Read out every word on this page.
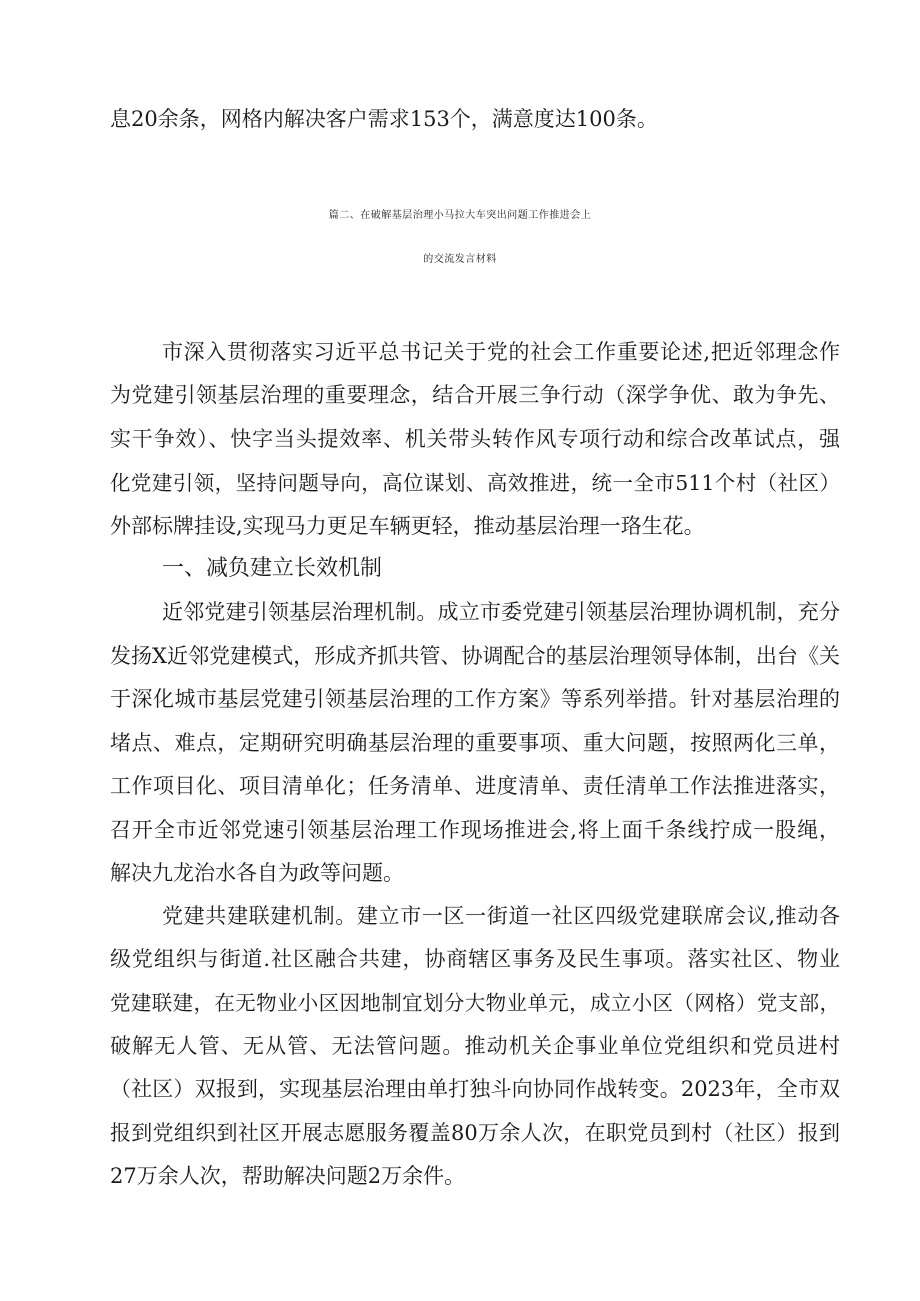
息20余条，网格内解决客户需求153个，满意度达100条。
篇二、在破解基层治理小马拉大车突出问题工作推进会上
的交流发言材料
市深入贯彻落实习近平总书记关于党的社会工作重要论述,把近邻理念作
为党建引领基层治理的重要理念，结合开展三争行动（深学争优、敢为争先、
实干争效）、快字当头提效率、机关带头转作风专项行动和综合改革试点，强
化党建引领，坚持问题导向，高位谋划、高效推进，统一全市511个村（社区）
外部标牌挂设,实现马力更足车辆更轻，推动基层治理一珞生花。
一、减负建立长效机制
近邻党建引领基层治理机制。成立市委党建引领基层治理协调机制，充分
发扬X近邻党建模式，形成齐抓共管、协调配合的基层治理领导体制，出台《关
于深化城市基层党建引领基层治理的工作方案》等系列举措。针对基层治理的
堵点、难点，定期研究明确基层治理的重要事项、重大问题，按照两化三单，
工作项目化、项目清单化；任务清单、进度清单、责任清单工作法推进落实，
召开全市近邻党速引领基层治理工作现场推进会,将上面千条线拧成一股绳，
解决九龙治水各自为政等问题。
党建共建联建机制。建立市一区一街道一社区四级党建联席会议,推动各
级党组织与街道.社区融合共建，协商辖区事务及民生事项。落实社区、物业
党建联建，在无物业小区因地制宜划分大物业单元，成立小区（网格）党支部，
破解无人管、无从管、无法管问题。推动机关企事业单位党组织和党员进村
（社区）双报到，实现基层治理由单打独斗向协同作战转变。2023年，全市双
报到党组织到社区开展志愿服务覆盖80万余人次，在职党员到村（社区）报到
27万余人次，帮助解决问题2万余件。
